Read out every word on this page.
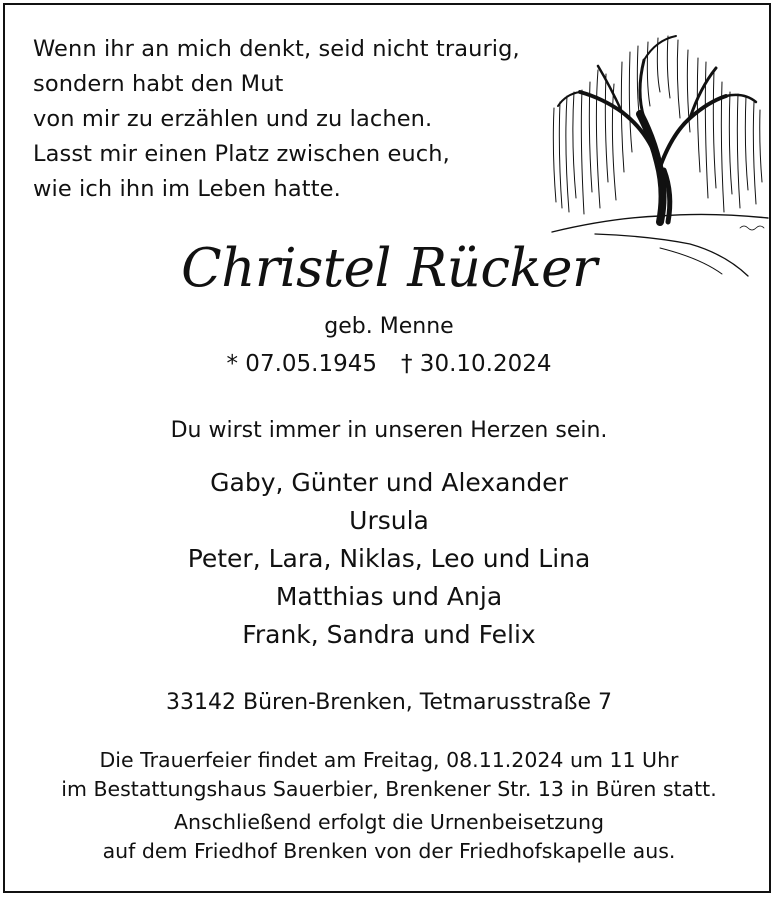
Wenn ihr an mich denkt, seid nicht traurig,
sondern habt den Mut
von mir zu erzählen und zu lachen.
Lasst mir einen Platz zwischen euch,
wie ich ihn im Leben hatte.
Christel Rücker
geb. Menne
* 07.05.1945 † 30.10.2024
Du wirst immer in unseren Herzen sein.
Gaby, Günter und Alexander
Ursula
Peter, Lara, Niklas, Leo und Lina
Matthias und Anja
Frank, Sandra und Felix
33142 Büren-Brenken, Tetmarusstraße 7
Die Trauerfeier findet am Freitag, 08.11.2024 um 11 Uhr
im Bestattungshaus Sauerbier, Brenkener Str. 13 in Büren statt.
Anschließend erfolgt die Urnenbeisetzung
auf dem Friedhof Brenken von der Friedhofskapelle aus.
